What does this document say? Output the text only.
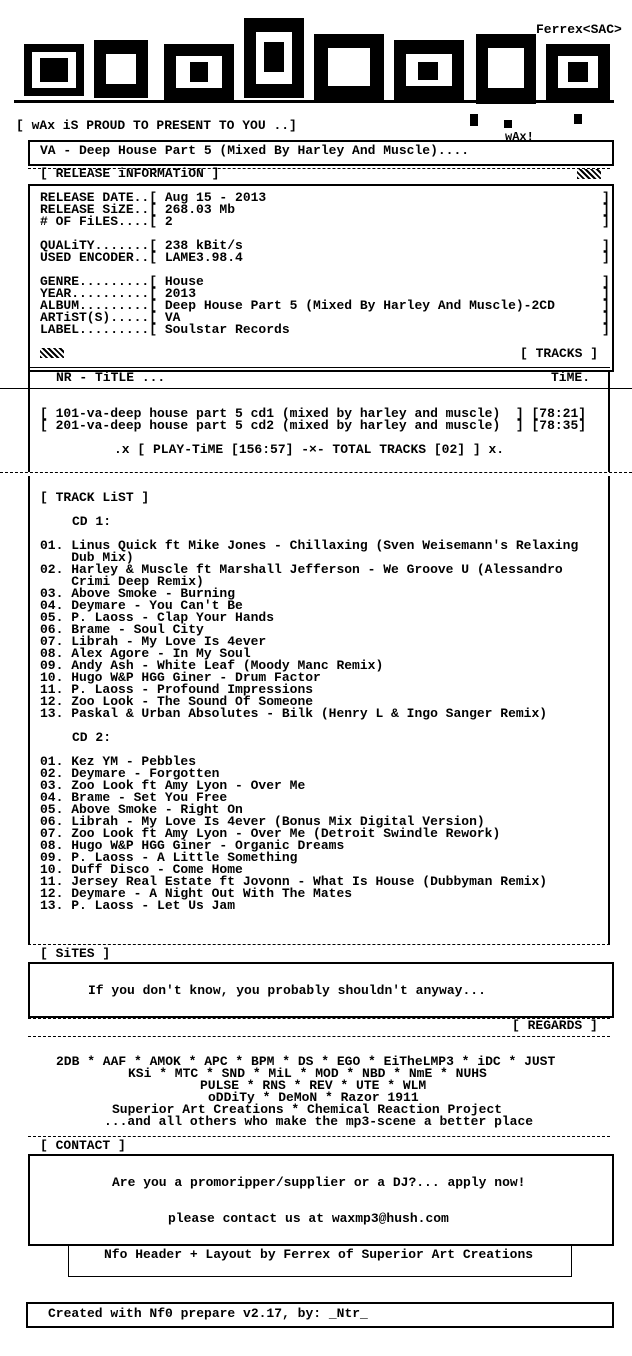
Ferrex<SAC>
[ wAx iS PROUD TO PRESENT TO YOU ..]
wAx!
VA - Deep House Part 5 (Mixed By Harley And Muscle)....
[ RELEASE iNFORMATiON ]
RELEASE DATE..[ Aug 15 - 2013
RELEASE SiZE..[ 268.03 Mb
# OF FiLES....[ 2
QUALiTY.......[ 238 kBit/s
USED ENCODER..[ LAME3.98.4
GENRE.........[ House
YEAR..........[ 2013
ALBUM.........[ Deep House Part 5 (Mixed By Harley And Muscle)-2CD
ARTiST(S).....[ VA
LABEL.........[ Soulstar Records
]
]
]

]
]

]
]
]
]
]
[ TRACKS ]
NR - TiTLE ...	TiME.
[ 101-va-deep house part 5 cd1 (mixed by harley and muscle)  ] [78:21]
[ 201-va-deep house part 5 cd2 (mixed by harley and muscle)  ] [78:35]
.x [ PLAY-TiME [156:57] -×- TOTAL TRACKS [02] ] x.
[ TRACK LiST ]
CD 1:
01. Linus Quick ft Mike Jones - Chillaxing (Sven Weisemann's Relaxing
Dub Mix)
02. Harley & Muscle ft Marshall Jefferson - We Groove U (Alessandro
Crimi Deep Remix)
03. Above Smoke - Burning
04. Deymare - You Can't Be
05. P. Laoss - Clap Your Hands
06. Brame - Soul City
07. Librah - My Love Is 4ever
08. Alex Agore - In My Soul
09. Andy Ash - White Leaf (Moody Manc Remix)
10. Hugo W&P HGG Giner - Drum Factor
11. P. Laoss - Profound Impressions
12. Zoo Look - The Sound Of Someone
13. Paskal & Urban Absolutes - Bilk (Henry L & Ingo Sanger Remix)
CD 2:
01. Kez YM - Pebbles
02. Deymare - Forgotten
03. Zoo Look ft Amy Lyon - Over Me
04. Brame - Set You Free
05. Above Smoke - Right On
06. Librah - My Love Is 4ever (Bonus Mix Digital Version)
07. Zoo Look ft Amy Lyon - Over Me (Detroit Swindle Rework)
08. Hugo W&P HGG Giner - Organic Dreams
09. P. Laoss - A Little Something
10. Duff Disco - Come Home
11. Jersey Real Estate ft Jovonn - What Is House (Dubbyman Remix)
12. Deymare - A Night Out With The Mates
13. P. Laoss - Let Us Jam
[ SiTES ]
If you don't know, you probably shouldn't anyway...
[ REGARDS ]
2DB * AAF * AMOK * APC * BPM * DS * EGO * EiTheLMP3 * iDC * JUST
KSi * MTC * SND * MiL * MOD * NBD * NmE * NUHS
PULSE * RNS * REV * UTE * WLM
oDDiTy * DeMoN * Razor 1911
Superior Art Creations * Chemical Reaction Project
...and all others who make the mp3-scene a better place
[ CONTACT ]
Are you a promoripper/supplier or a DJ?... apply now!
please contact us at waxmp3@hush.com
Nfo Header + Layout by Ferrex of Superior Art Creations
Created with Nf0 prepare v2.17, by: _Ntr_
